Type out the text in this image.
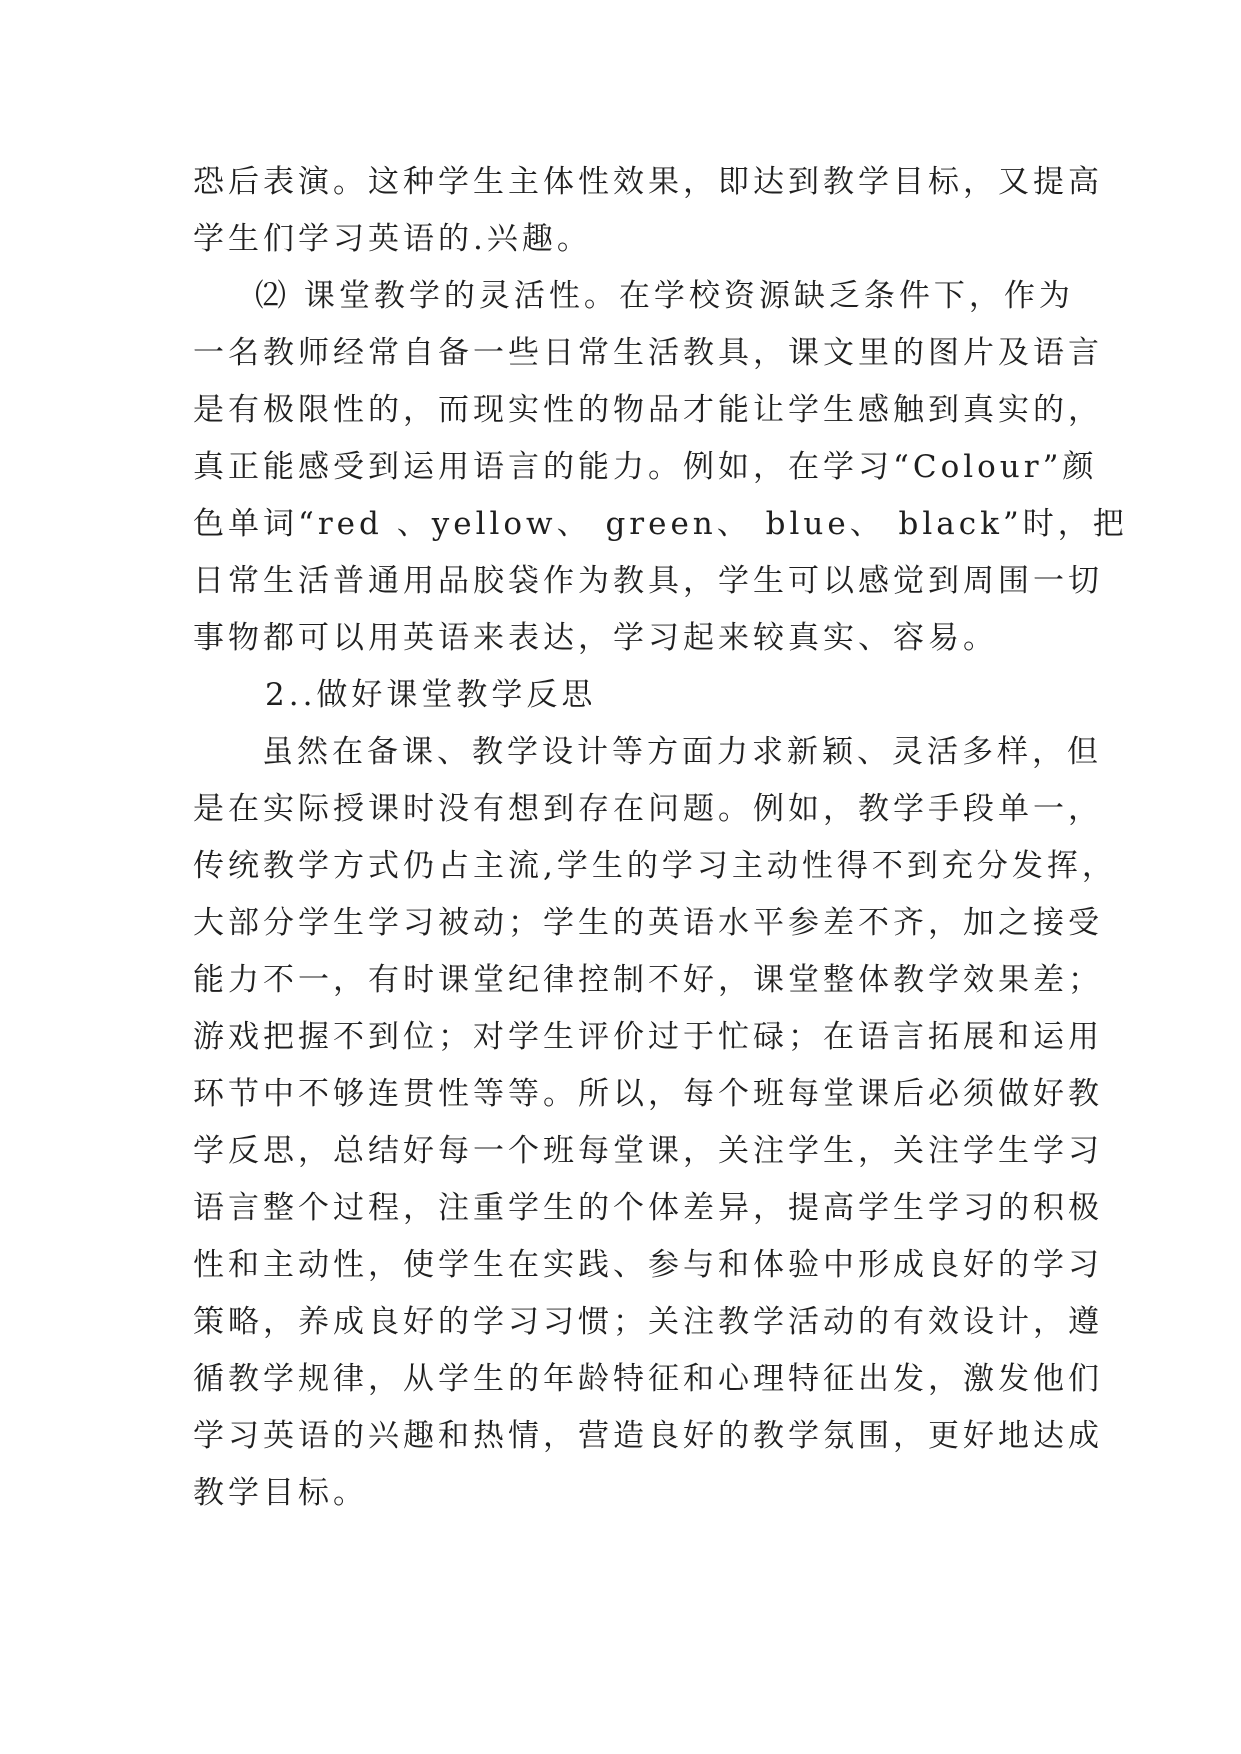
恐后表演。这种学生主体性效果，即达到教学目标，又提高
学生们学习英语的.兴趣。
⑵ 课堂教学的灵活性。在学校资源缺乏条件下，作为
一名教师经常自备一些日常生活教具，课文里的图片及语言
是有极限性的，而现实性的物品才能让学生感触到真实的，
真正能感受到运用语言的能力。例如，在学习“Colour”颜
色单词“red 、yellow、 green、 blue、 black”时，把
日常生活普通用品胶袋作为教具，学生可以感觉到周围一切
事物都可以用英语来表达，学习起来较真实、容易。
2..做好课堂教学反思
虽然在备课、教学设计等方面力求新颖、灵活多样，但
是在实际授课时没有想到存在问题。例如，教学手段单一，
传统教学方式仍占主流,学生的学习主动性得不到充分发挥，
大部分学生学习被动；学生的英语水平参差不齐，加之接受
能力不一，有时课堂纪律控制不好，课堂整体教学效果差；
游戏把握不到位；对学生评价过于忙碌；在语言拓展和运用
环节中不够连贯性等等。所以，每个班每堂课后必须做好教
学反思，总结好每一个班每堂课，关注学生，关注学生学习
语言整个过程，注重学生的个体差异，提高学生学习的积极
性和主动性，使学生在实践、参与和体验中形成良好的学习
策略，养成良好的学习习惯；关注教学活动的有效设计，遵
循教学规律，从学生的年龄特征和心理特征出发，激发他们
学习英语的兴趣和热情，营造良好的教学氛围，更好地达成
教学目标。
